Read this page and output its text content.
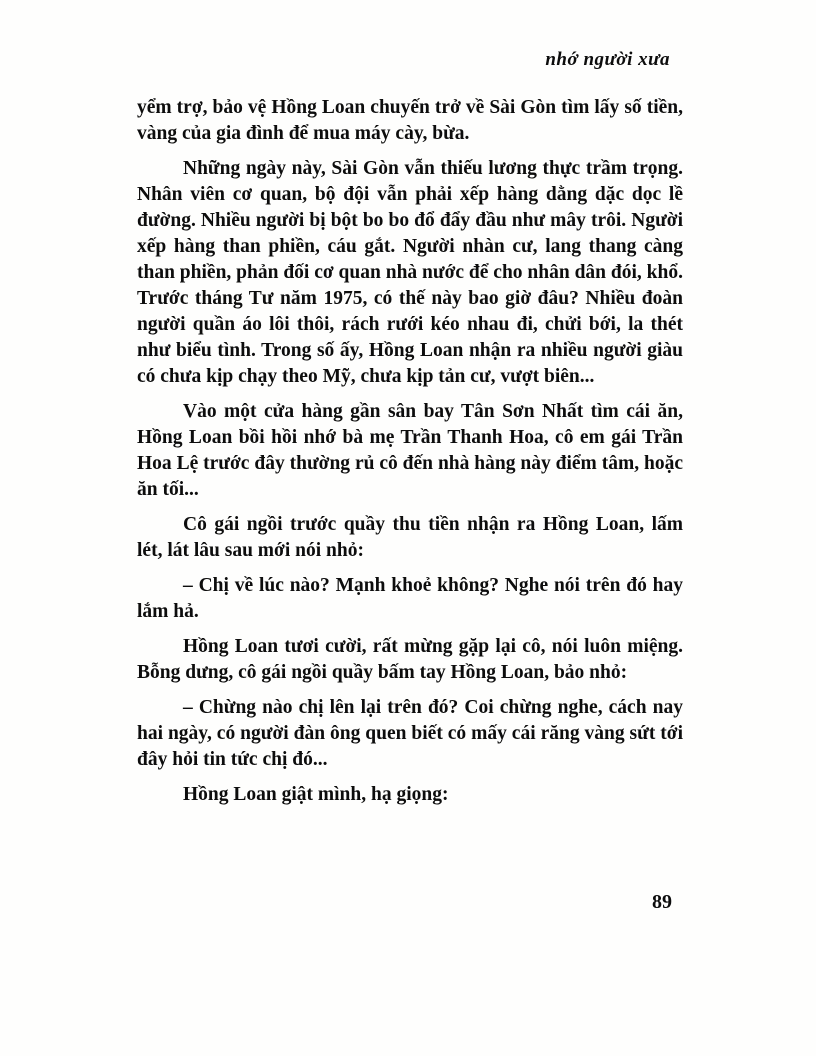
nhớ người xưa

yểm trợ, bảo vệ Hồng Loan chuyến trở về Sài Gòn tìm lấy số tiền, vàng của gia đình để mua máy cày, bừa.

Những ngày này, Sài Gòn vẫn thiếu lương thực trầm trọng. Nhân viên cơ quan, bộ đội vẫn phải xếp hàng dằng dặc dọc lề đường. Nhiều người bị bột bo bo đổ đẩy đầu như mây trôi. Người xếp hàng than phiền, cáu gắt. Người nhàn cư, lang thang càng than phiền, phản đối cơ quan nhà nước để cho nhân dân đói, khổ. Trước tháng Tư năm 1975, có thế này bao giờ đâu? Nhiều đoàn người quần áo lôi thôi, rách rưới kéo nhau đi, chửi bới, la thét như biểu tình. Trong số ấy, Hồng Loan nhận ra nhiều người giàu có chưa kịp chạy theo Mỹ, chưa kịp tản cư, vượt biên...

Vào một cửa hàng gần sân bay Tân Sơn Nhất tìm cái ăn, Hồng Loan bồi hồi nhớ bà mẹ Trần Thanh Hoa, cô em gái Trần Hoa Lệ trước đây thường rủ cô đến nhà hàng này điểm tâm, hoặc ăn tối...

Cô gái ngồi trước quầy thu tiền nhận ra Hồng Loan, lấm lét, lát lâu sau mới nói nhỏ:

– Chị về lúc nào? Mạnh khoẻ không? Nghe nói trên đó hay lắm hả.

Hồng Loan tươi cười, rất mừng gặp lại cô, nói luôn miệng. Bỗng dưng, cô gái ngồi quầy bấm tay Hồng Loan, bảo nhỏ:

– Chừng nào chị lên lại trên đó? Coi chừng nghe, cách nay hai ngày, có người đàn ông quen biết có mấy cái răng vàng sứt tới đây hỏi tin tức chị đó...

Hồng Loan giật mình, hạ giọng:

89
